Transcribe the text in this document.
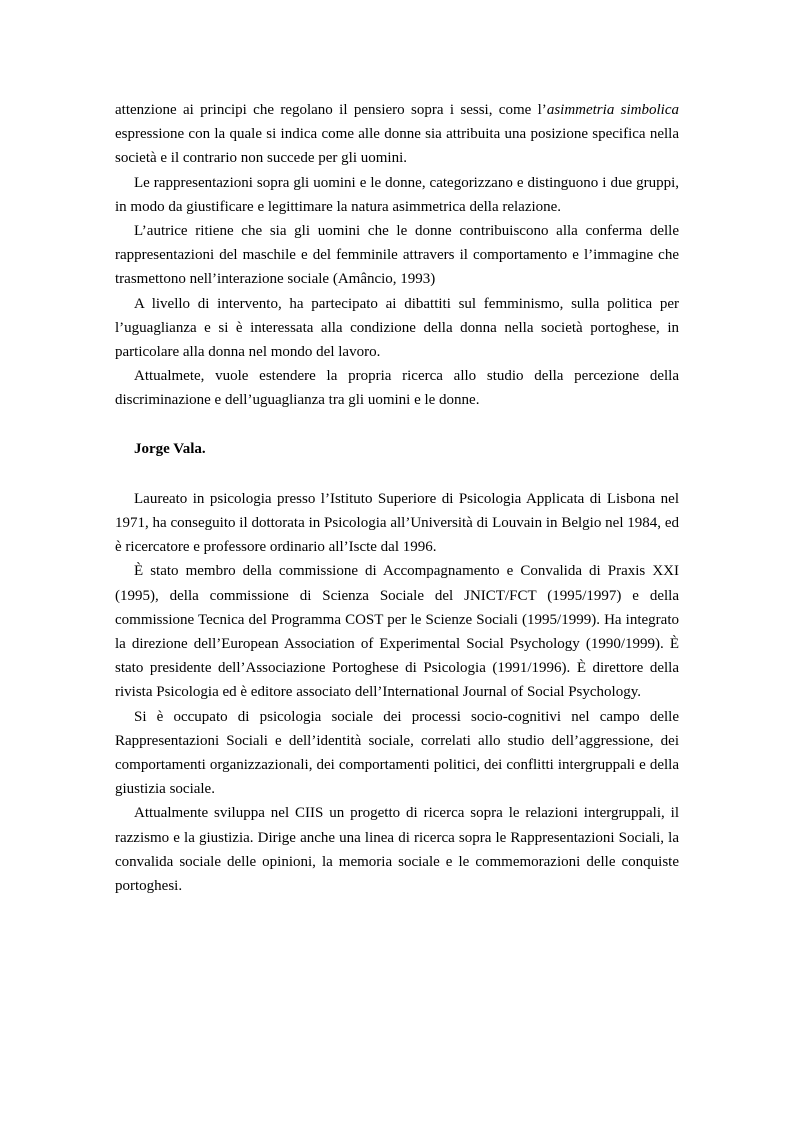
attenzione ai principi che regolano il pensiero sopra i sessi, come l’asimmetria simbolica espressione con la quale si indica come alle donne sia attribuita una posizione specifica nella società e il contrario non succede per gli uomini.

Le rappresentazioni sopra gli uomini e le donne, categorizzano e distinguono i due gruppi, in modo da giustificare e legittimare la natura asimmetrica della relazione.

L’autrice ritiene che sia gli uomini che le donne contribuiscono alla conferma delle rappresentazioni del maschile e del femminile attravers il comportamento e l’immagine che trasmettono nell’interazione sociale (Amâncio, 1993)

A livello di intervento, ha partecipato ai dibattiti sul femminismo, sulla politica per l’uguaglianza e si è interessata alla condizione della donna nella società portoghese, in particolare alla donna nel mondo del lavoro.

Attualmete, vuole estendere la propria ricerca allo studio della percezione della discriminazione e dell’uguaglianza tra gli uomini e le donne.

Jorge Vala.

Laureato in psicologia presso l’Istituto Superiore di Psicologia Applicata di Lisbona nel 1971, ha conseguito il dottorata in Psicologia all’Università di Louvain in Belgio nel 1984, ed è ricercatore e professore ordinario all’Iscte dal 1996.

È stato membro della commissione di Accompagnamento e Convalida di Praxis XXI (1995), della commissione di Scienza Sociale del JNICT/FCT (1995/1997) e della commissione Tecnica del Programma COST per le Scienze Sociali (1995/1999). Ha integrato la direzione dell’European Association of Experimental Social Psychology (1990/1999). È stato presidente dell’Associazione Portoghese di Psicologia (1991/1996). È direttore della rivista Psicologia ed è editore associato dell’International Journal of Social Psychology.

Si è occupato di psicologia sociale dei processi socio-cognitivi nel campo delle Rappresentazioni Sociali e dell’identità sociale, correlati allo studio dell’aggressione, dei comportamenti organizzazionali, dei comportamenti politici, dei conflitti intergruppali e della giustizia sociale.

Attualmente sviluppa nel CIIS un progetto di ricerca sopra le relazioni intergruppali, il razzismo e la giustizia. Dirige anche una linea di ricerca sopra le Rappresentazioni Sociali, la convalida sociale delle opinioni, la memoria sociale e le commemorazioni delle conquiste portoghesi.
